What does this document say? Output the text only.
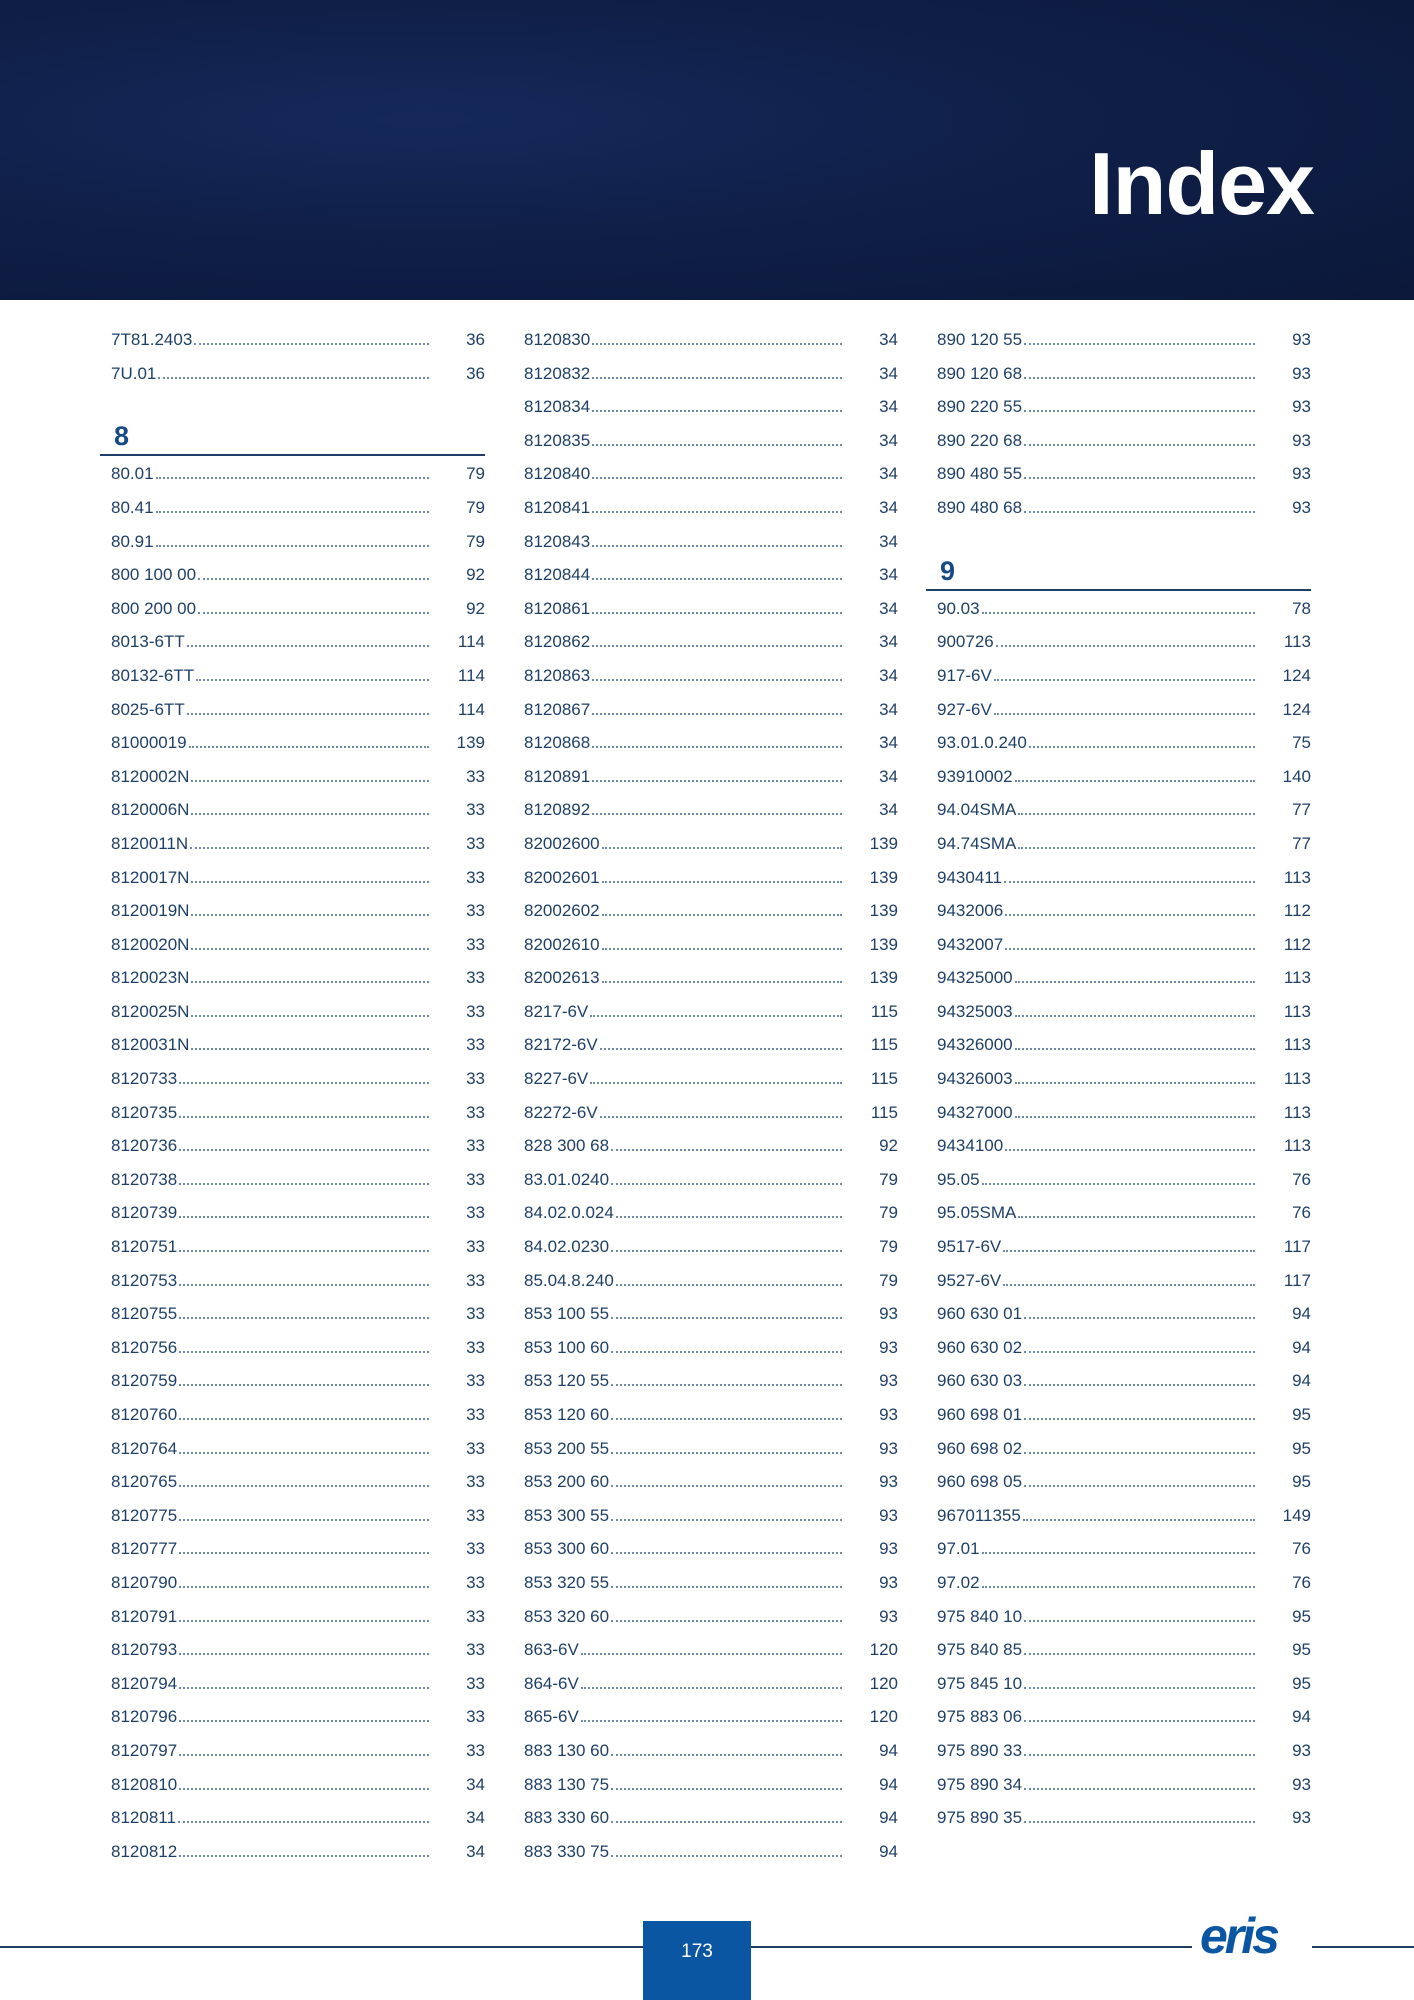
Index
7T81.2403	36
7U.01	36
8
80.01	79
80.41	79
80.91	79
800 100 00	92
800 200 00	92
8013-6TT	114
80132-6TT	114
8025-6TT	114
81000019	139
8120002N	33
8120006N	33
8120011N	33
8120017N	33
8120019N	33
8120020N	33
8120023N	33
8120025N	33
8120031N	33
8120733	33
8120735	33
8120736	33
8120738	33
8120739	33
8120751	33
8120753	33
8120755	33
8120756	33
8120759	33
8120760	33
8120764	33
8120765	33
8120775	33
8120777	33
8120790	33
8120791	33
8120793	33
8120794	33
8120796	33
8120797	33
8120810	34
8120811	34
8120812	34
8120830	34
8120832	34
8120834	34
8120835	34
8120840	34
8120841	34
8120843	34
8120844	34
8120861	34
8120862	34
8120863	34
8120867	34
8120868	34
8120891	34
8120892	34
82002600	139
82002601	139
82002602	139
82002610	139
82002613	139
8217-6V	115
82172-6V	115
8227-6V	115
82272-6V	115
828 300 68	92
83.01.0240	79
84.02.0.024	79
84.02.0230	79
85.04.8.240	79
853 100 55	93
853 100 60	93
853 120 55	93
853 120 60	93
853 200 55	93
853 200 60	93
853 300 55	93
853 300 60	93
853 320 55	93
853 320 60	93
863-6V	120
864-6V	120
865-6V	120
883 130 60	94
883 130 75	94
883 330 60	94
883 330 75	94
890 120 55	93
890 120 68	93
890 220 55	93
890 220 68	93
890 480 55	93
890 480 68	93
9
90.03	78
900726	113
917-6V	124
927-6V	124
93.01.0.240	75
93910002	140
94.04SMA	77
94.74SMA	77
9430411	113
9432006	112
9432007	112
94325000	113
94325003	113
94326000	113
94326003	113
94327000	113
9434100	113
95.05	76
95.05SMA	76
9517-6V	117
9527-6V	117
960 630 01	94
960 630 02	94
960 630 03	94
960 698 01	95
960 698 02	95
960 698 05	95
967011355	149
97.01	76
97.02	76
975 840 10	95
975 840 85	95
975 845 10	95
975 883 06	94
975 890 33	93
975 890 34	93
975 890 35	93
173	eris
